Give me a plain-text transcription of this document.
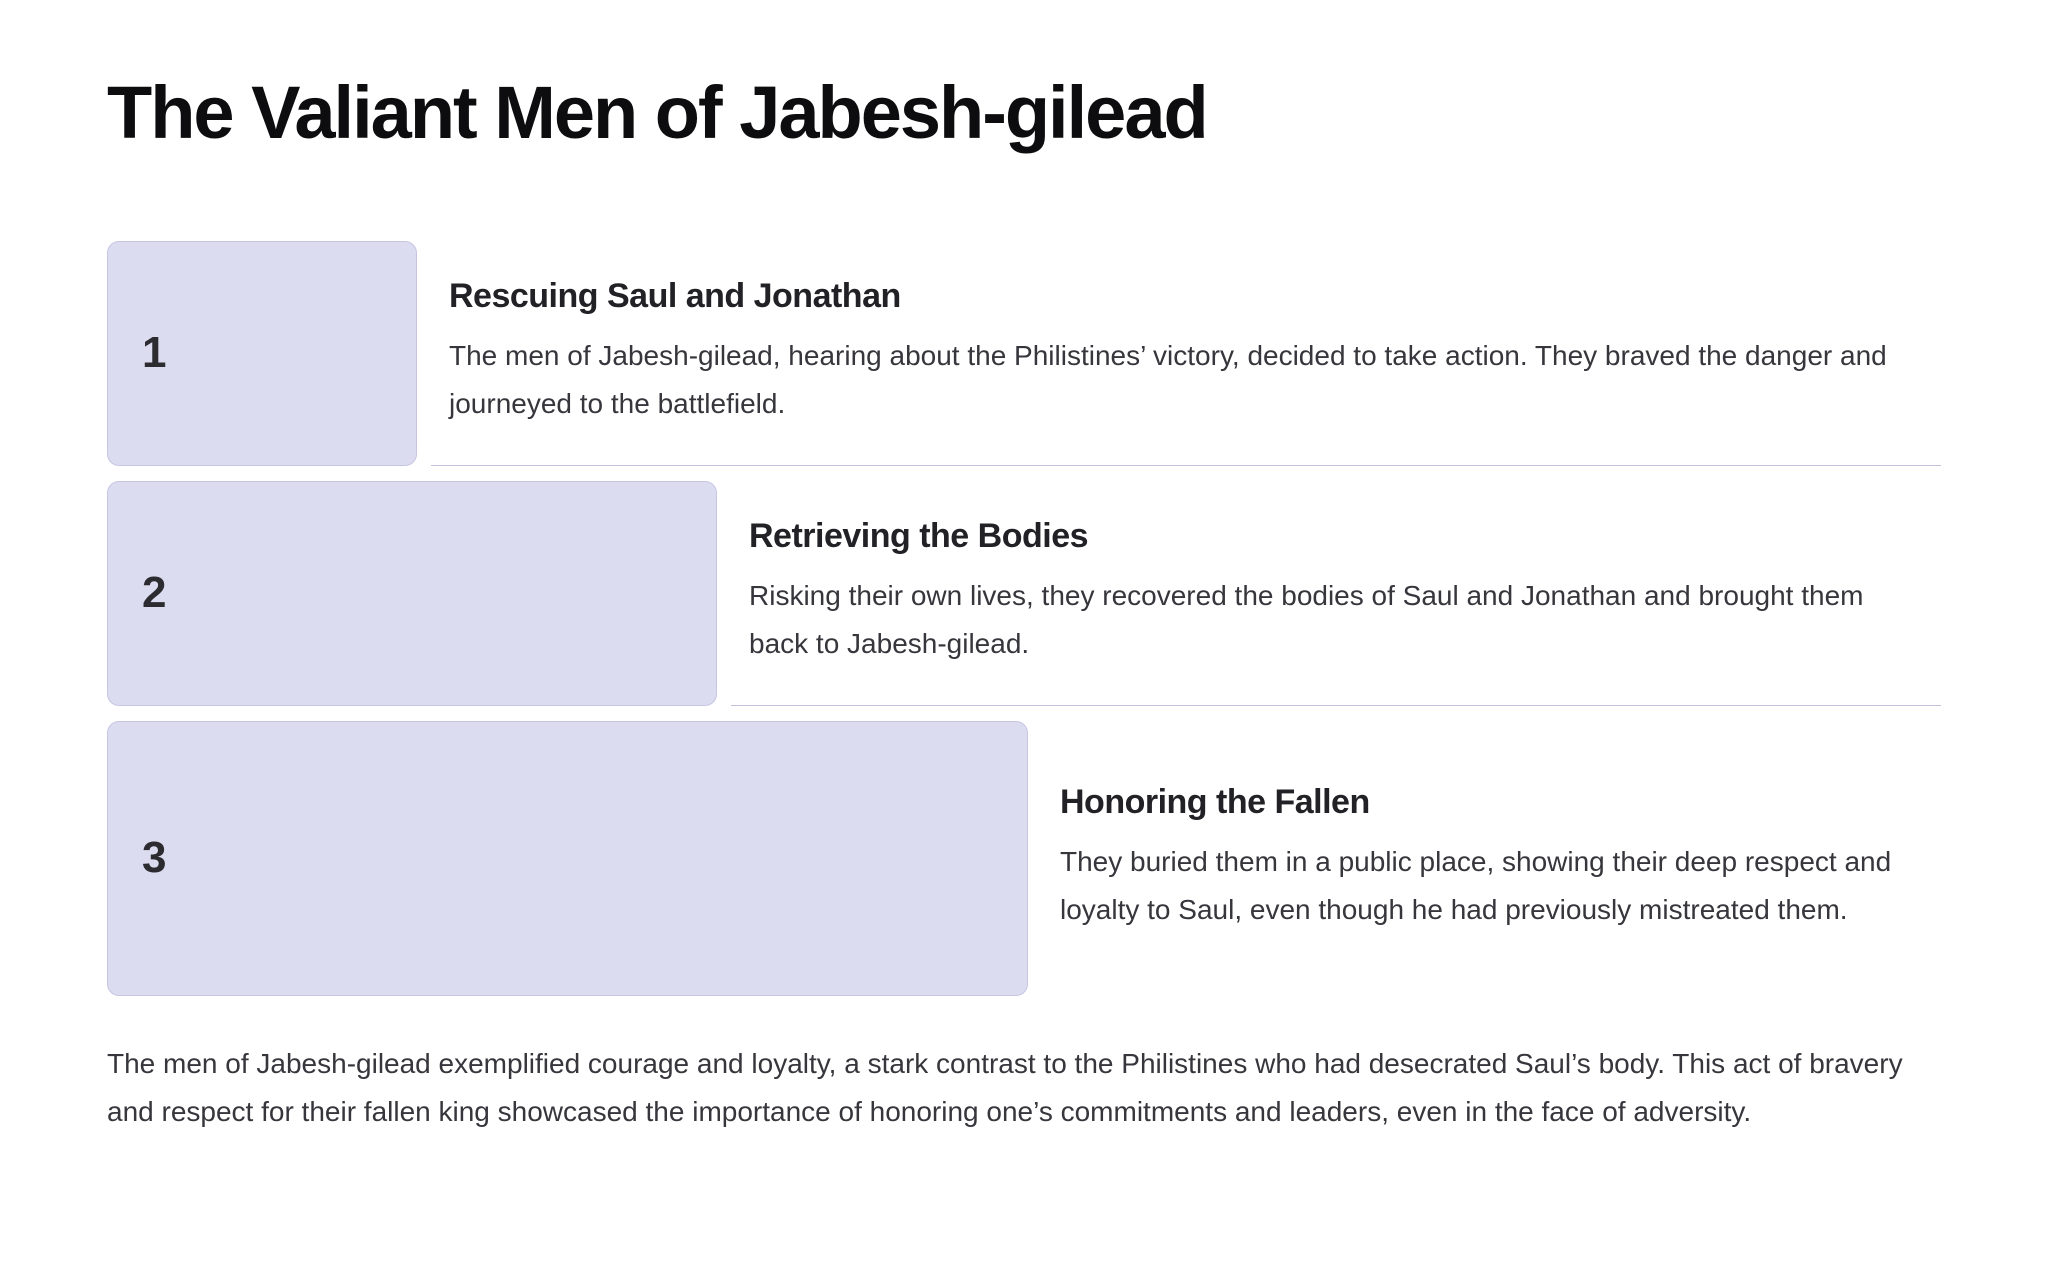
The Valiant Men of Jabesh-gilead
1
Rescuing Saul and Jonathan
The men of Jabesh-gilead, hearing about the Philistines’ victory, decided to take action. They braved the danger and journeyed to the battlefield.
2
Retrieving the Bodies
Risking their own lives, they recovered the bodies of Saul and Jonathan and brought them back to Jabesh-gilead.
3
Honoring the Fallen
They buried them in a public place, showing their deep respect and loyalty to Saul, even though he had previously mistreated them.

The men of Jabesh-gilead exemplified courage and loyalty, a stark contrast to the Philistines who had desecrated Saul’s body. This act of bravery and respect for their fallen king showcased the importance of honoring one’s commitments and leaders, even in the face of adversity.
